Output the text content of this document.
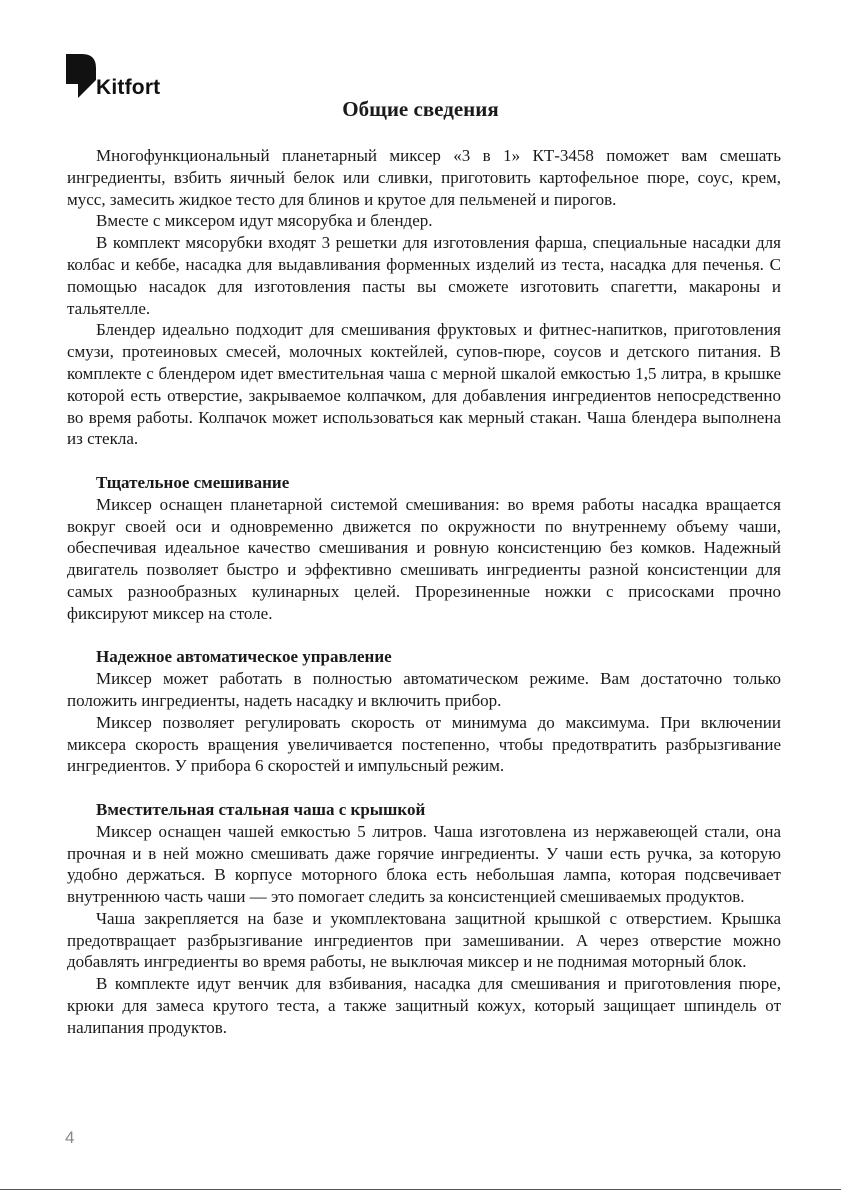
Kitfort
Общие сведения

Многофункциональный планетарный миксер «3 в 1» КТ-3458 поможет вам смешать ингредиенты, взбить яичный белок или сливки, приготовить картофельное пюре, соус, крем, мусс, замесить жидкое тесто для блинов и крутое для пельменей и пирогов.

Вместе с миксером идут мясорубка и блендер.

В комплект мясорубки входят 3 решетки для изготовления фарша, специальные насадки для колбас и кеббе, насадка для выдавливания форменных изделий из теста, насадка для печенья. С помощью насадок для изготовления пасты вы сможете изготовить спагетти, макароны и тальятелле.

Блендер идеально подходит для смешивания фруктовых и фитнес-напитков, приготовления смузи, протеиновых смесей, молочных коктейлей, супов-пюре, соусов и детского питания. В комплекте с блендером идет вместительная чаша с мерной шкалой емкостью 1,5 литра, в крышке которой есть отверстие, закрываемое колпачком, для добавления ингредиентов непосредственно во время работы. Колпачок может использоваться как мерный стакан. Чаша блендера выполнена из стекла.

Тщательное смешивание

Миксер оснащен планетарной системой смешивания: во время работы насадка вращается вокруг своей оси и одновременно движется по окружности по внутреннему объему чаши, обеспечивая идеальное качество смешивания и ровную консистенцию без комков. Надежный двигатель позволяет быстро и эффективно смешивать ингредиенты разной консистенции для самых разнообразных кулинарных целей. Прорезиненные ножки с присосками прочно фиксируют миксер на столе.

Надежное автоматическое управление

Миксер может работать в полностью автоматическом режиме. Вам достаточно только положить ингредиенты, надеть насадку и включить прибор.

Миксер позволяет регулировать скорость от минимума до максимума. При включении миксера скорость вращения увеличивается постепенно, чтобы предотвратить разбрызгивание ингредиентов. У прибора 6 скоростей и импульсный режим.

Вместительная стальная чаша с крышкой

Миксер оснащен чашей емкостью 5 литров. Чаша изготовлена из нержавеющей стали, она прочная и в ней можно смешивать даже горячие ингредиенты. У чаши есть ручка, за которую удобно держаться. В корпусе моторного блока есть небольшая лампа, которая подсвечивает внутреннюю часть чаши — это помогает следить за консистенцией смешиваемых продуктов.

Чаша закрепляется на базе и укомплектована защитной крышкой с отверстием. Крышка предотвращает разбрызгивание ингредиентов при замешивании. А через отверстие можно добавлять ингредиенты во время работы, не выключая миксер и не поднимая моторный блок.

В комплекте идут венчик для взбивания, насадка для смешивания и приготовления пюре, крюки для замеса крутого теста, а также защитный кожух, который защищает шпиндель от налипания продуктов.

4
